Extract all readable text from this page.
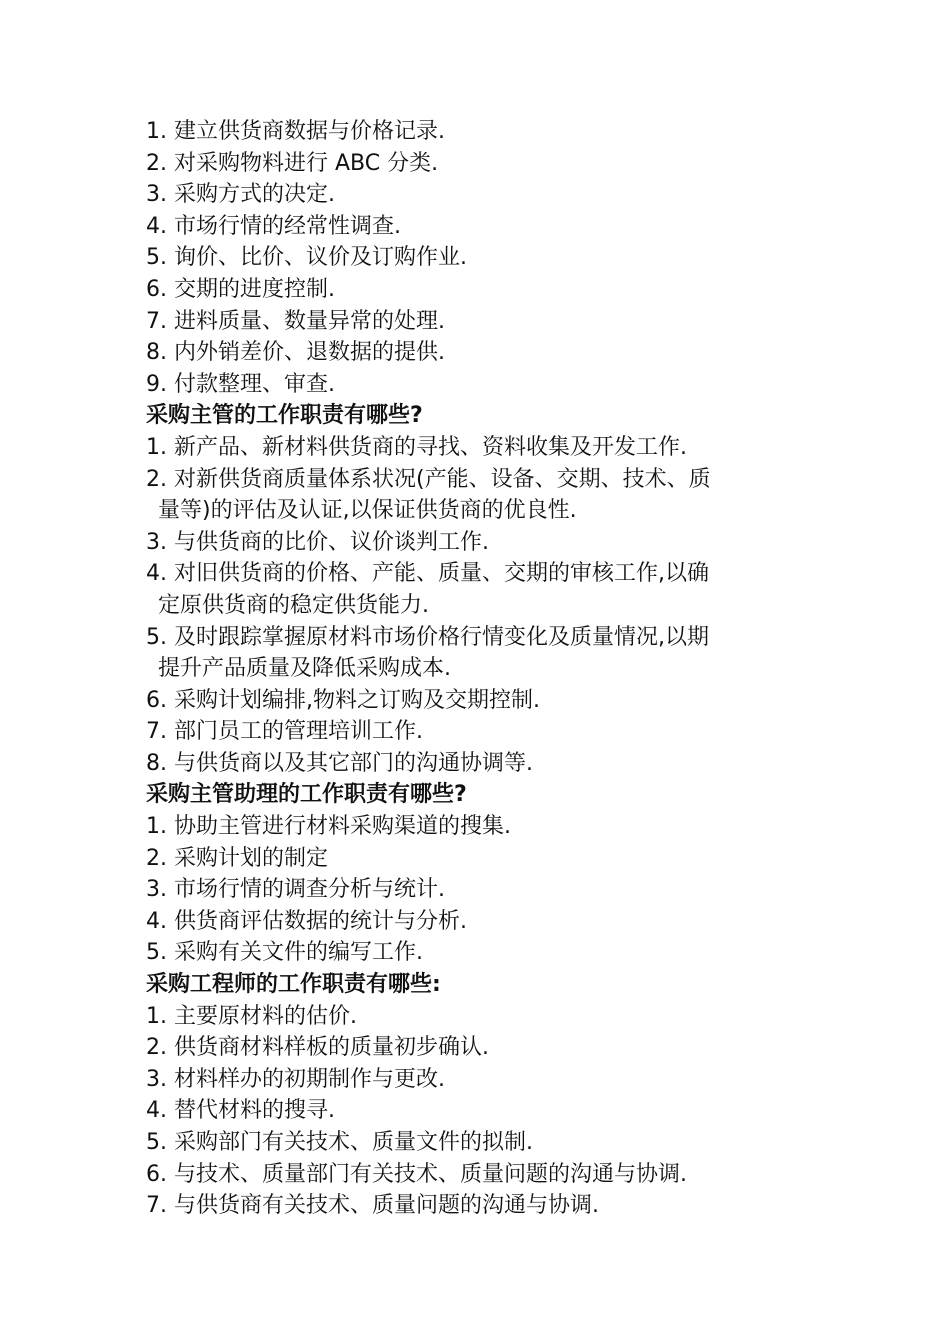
1. 建立供货商数据与价格记录.
2. 对采购物料进行 ABC 分类.
3. 采购方式的决定.
4. 市场行情的经常性调查.
5. 询价、比价、议价及订购作业.
6. 交期的进度控制.
7. 进料质量、数量异常的处理.
8. 内外销差价、退数据的提供.
9. 付款整理、审查.
采购主管的工作职责有哪些?
1. 新产品、新材料供货商的寻找、资料收集及开发工作.
2. 对新供货商质量体系状况(产能、设备、交期、技术、质
量等)的评估及认证,以保证供货商的优良性.
3. 与供货商的比价、议价谈判工作.
4. 对旧供货商的价格、产能、质量、交期的审核工作,以确
定原供货商的稳定供货能力.
5. 及时跟踪掌握原材料市场价格行情变化及质量情况,以期
提升产品质量及降低采购成本.
6. 采购计划编排,物料之订购及交期控制.
7. 部门员工的管理培训工作.
8. 与供货商以及其它部门的沟通协调等.
采购主管助理的工作职责有哪些?
1. 协助主管进行材料采购渠道的搜集.
2. 采购计划的制定
3. 市场行情的调查分析与统计.
4. 供货商评估数据的统计与分析.
5. 采购有关文件的编写工作.
采购工程师的工作职责有哪些:
1. 主要原材料的估价.
2. 供货商材料样板的质量初步确认.
3. 材料样办的初期制作与更改.
4. 替代材料的搜寻.
5. 采购部门有关技术、质量文件的拟制.
6. 与技术、质量部门有关技术、质量问题的沟通与协调.
7. 与供货商有关技术、质量问题的沟通与协调.
